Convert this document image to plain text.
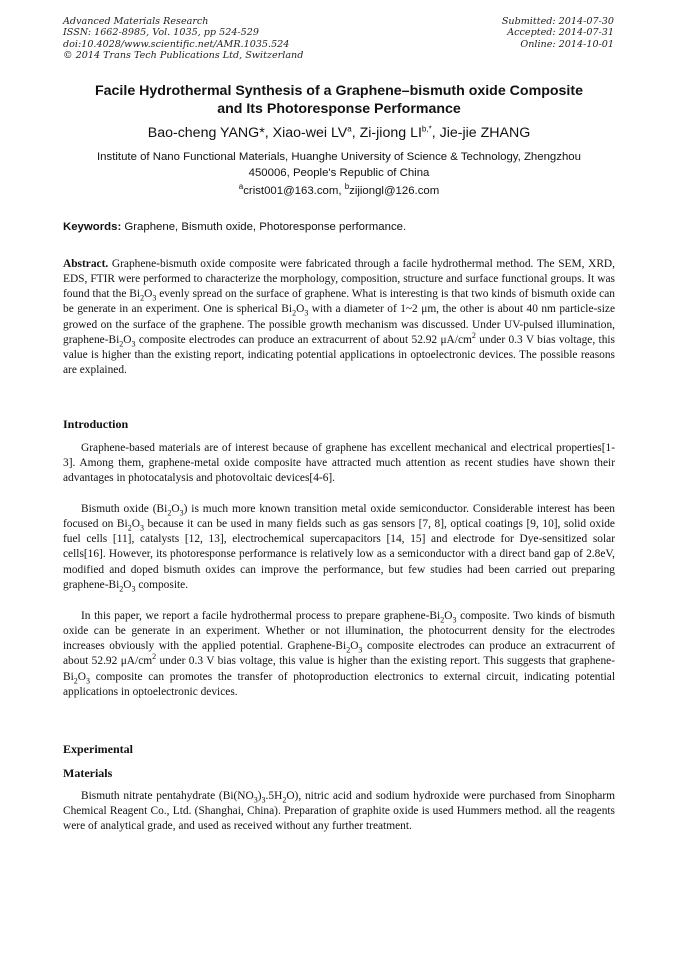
Advanced Materials Research
ISSN: 1662-8985, Vol. 1035, pp 524-529
doi:10.4028/www.scientific.net/AMR.1035.524
© 2014 Trans Tech Publications Ltd, Switzerland
Submitted: 2014-07-30
Accepted: 2014-07-31
Online: 2014-10-01
Facile Hydrothermal Synthesis of a Graphene–bismuth oxide Composite
and Its Photoresponse Performance
Bao-cheng YANG*, Xiao-wei $LV^a$, Zi-jiong $LI^{b,*}$, Jie-jie ZHANG
Institute of Nano Functional Materials, Huanghe University of Science & Technology, Zhengzhou
450006, People's Republic of China
$^a$crist001@163.com, $^b$zijiongl@126.com
Keywords: Graphene, Bismuth oxide, Photoresponse performance.

Abstract. Graphene-bismuth oxide composite were fabricated through a facile hydrothermal method. The SEM, XRD, EDS, FTIR were performed to characterize the morphology, composition, structure and surface functional groups. It was found that the $Bi_2O_3$ evenly spread on the surface of graphene. What is interesting is that two kinds of bismuth oxide can be generate in an experiment. One is spherical $Bi_2O_3$ with a diameter of 1~2 μm, the other is about 40 nm particle-size growed on the surface of the graphene. The possible growth mechanism was discussed. Under UV-pulsed illumination, graphene-$Bi_2O_3$ composite electrodes can produce an extracurrent of about 52.92 $\mu A/cm^2$ under 0.3 V bias voltage, this value is higher than the existing report, indicating potential applications in optoelectronic devices. The possible reasons are explained.

Introduction

Graphene-based materials are of interest because of graphene has excellent mechanical and electrical properties[1-3]. Among them, graphene-metal oxide composite have attracted much attention as recent studies have shown their advantages in photocatalysis and photovoltaic devices[4-6].

Bismuth oxide $(Bi_2O_3)$ is much more known transition metal oxide semiconductor. Considerable interest has been focused on $Bi_2O_3$ because it can be used in many fields such as gas sensors [7, 8], optical coatings [9, 10], solid oxide fuel cells [11], catalysts [12, 13], electrochemical supercapacitors [14, 15] and electrode for Dye-sensitized solar cells[16]. However, its photoresponse performance is relatively low as a semiconductor with a direct band gap of 2.8eV, modified and doped bismuth oxides can improve the performance, but few studies had been carried out preparing graphene-$Bi_2O_3$ composite.

In this paper, we report a facile hydrothermal process to prepare graphene-$Bi_2O_3$ composite. Two kinds of bismuth oxide can be generate in an experiment. Whether or not illumination, the photocurrent density for the electrodes increases obviously with the applied potential. Graphene-$Bi_2O_3$ composite electrodes can produce an extracurrent of about 52.92 $\mu A/cm^2$ under 0.3 V bias voltage, this value is higher than the existing report. This suggests that graphene-$Bi_2O_3$ composite can promotes the transfer of photoproduction electronics to external circuit, indicating potential applications in optoelectronic devices.

Experimental
Materials

Bismuth nitrate pentahydrate $(Bi(NO_3)_3.5H_2O)$, nitric acid and sodium hydroxide were purchased from Sinopharm Chemical Reagent Co., Ltd. (Shanghai, China). Preparation of graphite oxide is used Hummers method. all the reagents were of analytical grade, and used as received without any further treatment.
